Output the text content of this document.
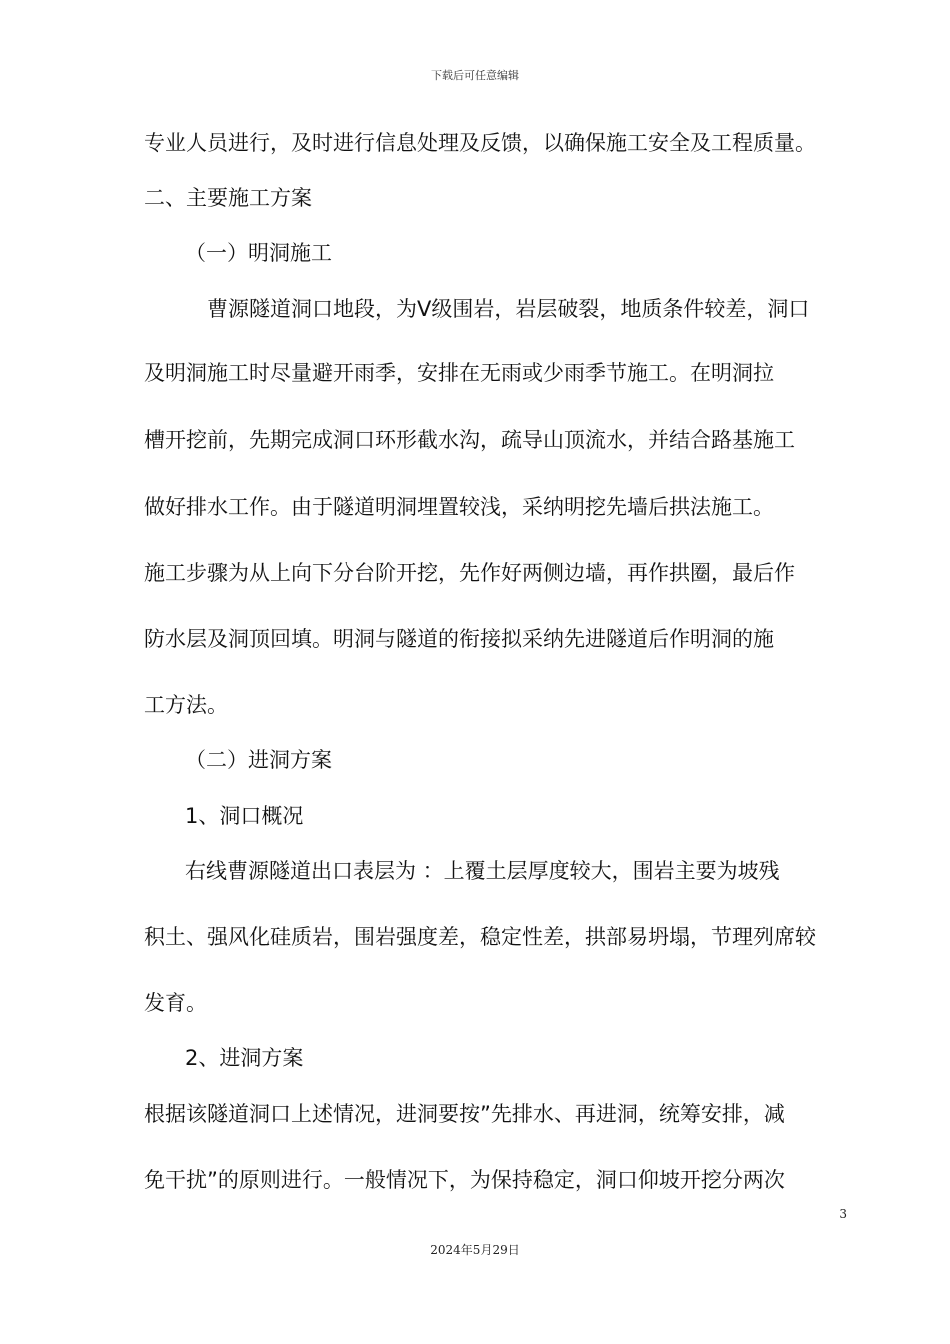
下载后可任意编辑
专业人员进行，及时进行信息处理及反馈，以确保施工安全及工程质量。
二、主要施工方案
（一）明洞施工
曹源隧道洞口地段，为Ⅴ级围岩，岩层破裂，地质条件较差，洞口
及明洞施工时尽量避开雨季，安排在无雨或少雨季节施工。在明洞拉
槽开挖前，先期完成洞口环形截水沟，疏导山顶流水，并结合路基施工
做好排水工作。由于隧道明洞埋置较浅，采纳明挖先墙后拱法施工。
施工步骤为从上向下分台阶开挖，先作好两侧边墙，再作拱圈，最后作
防水层及洞顶回填。明洞与隧道的衔接拟采纳先进隧道后作明洞的施
工方法。
（二）进洞方案
1、洞口概况
右线曹源隧道出口表层为 ：上覆土层厚度较大，围岩主要为坡残
积土、强风化硅质岩，围岩强度差，稳定性差，拱部易坍塌，节理列席较
发育。
2、进洞方案
根据该隧道洞口上述情况，进洞要按”先排水、再进洞，统筹安排，减
免干扰”的原则进行。一般情况下，为保持稳定，洞口仰坡开挖分两次
3
2024年5月29日
